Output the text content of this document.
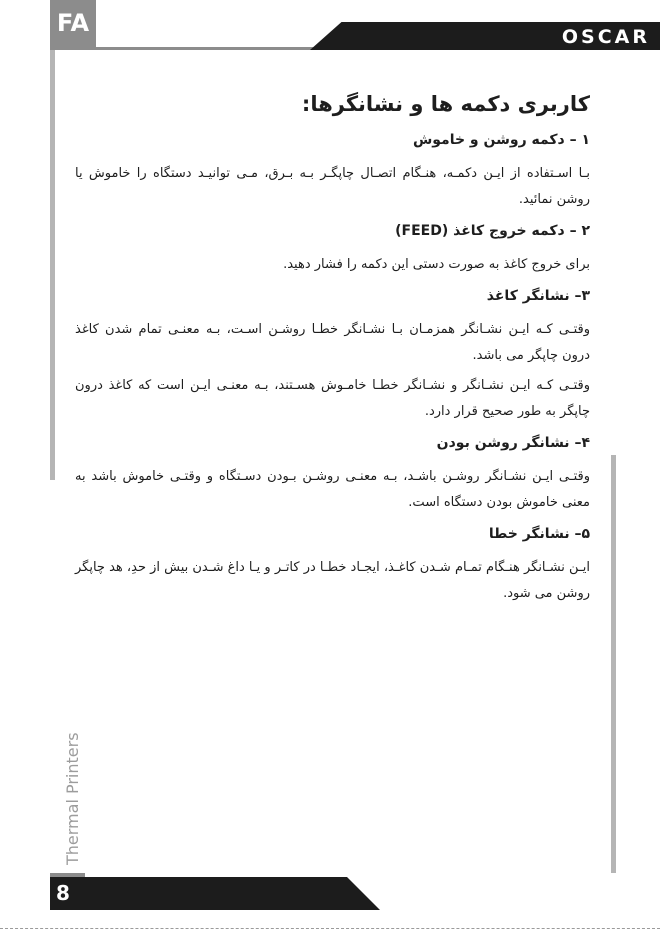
FA	OSCAR
Thermal Printers
کاربری دکمه ها و نشانگرها:
۱ – دکمه روشن و خاموش

بـا اسـتفاده از ایـن دکمـه، هنـگام اتصـال چاپگـر بـه بـرق، مـی توانیـد دستگاه را خاموش یا روشن نمائید.

۲ – دکمه خروج کاغذ (FEED)

برای خروج کاغذ به صورت دستی این دکمه را فشار دهید.

۳– نشانگر کاغذ

وقتـی کـه ایـن نشـانگر همزمـان بـا نشـانگر خطـا روشـن اسـت، بـه معنـی تمام شدن کاغذ درون چاپگر می باشد.

وقتـی کـه ایـن نشـانگر و نشـانگر خطـا خامـوش هسـتند، بـه معنـی ایـن است که کاغذ درون چاپگر به طور صحیح قرار دارد.

۴– نشانگر روشن بودن

وقتـی ایـن نشـانگر روشـن باشـد، بـه معنـی روشـن بـودن دسـتگاه و وقتـی خاموش باشد به معنی خاموش بودن دستگاه است.

۵– نشانگر خطا

ایـن نشـانگر هنـگام تمـام شـدن کاغـذ، ایجـاد خطـا در کاتـر و یـا داغ شـدن بیش از حدِ، هد چاپگر روشن می شود.

8
